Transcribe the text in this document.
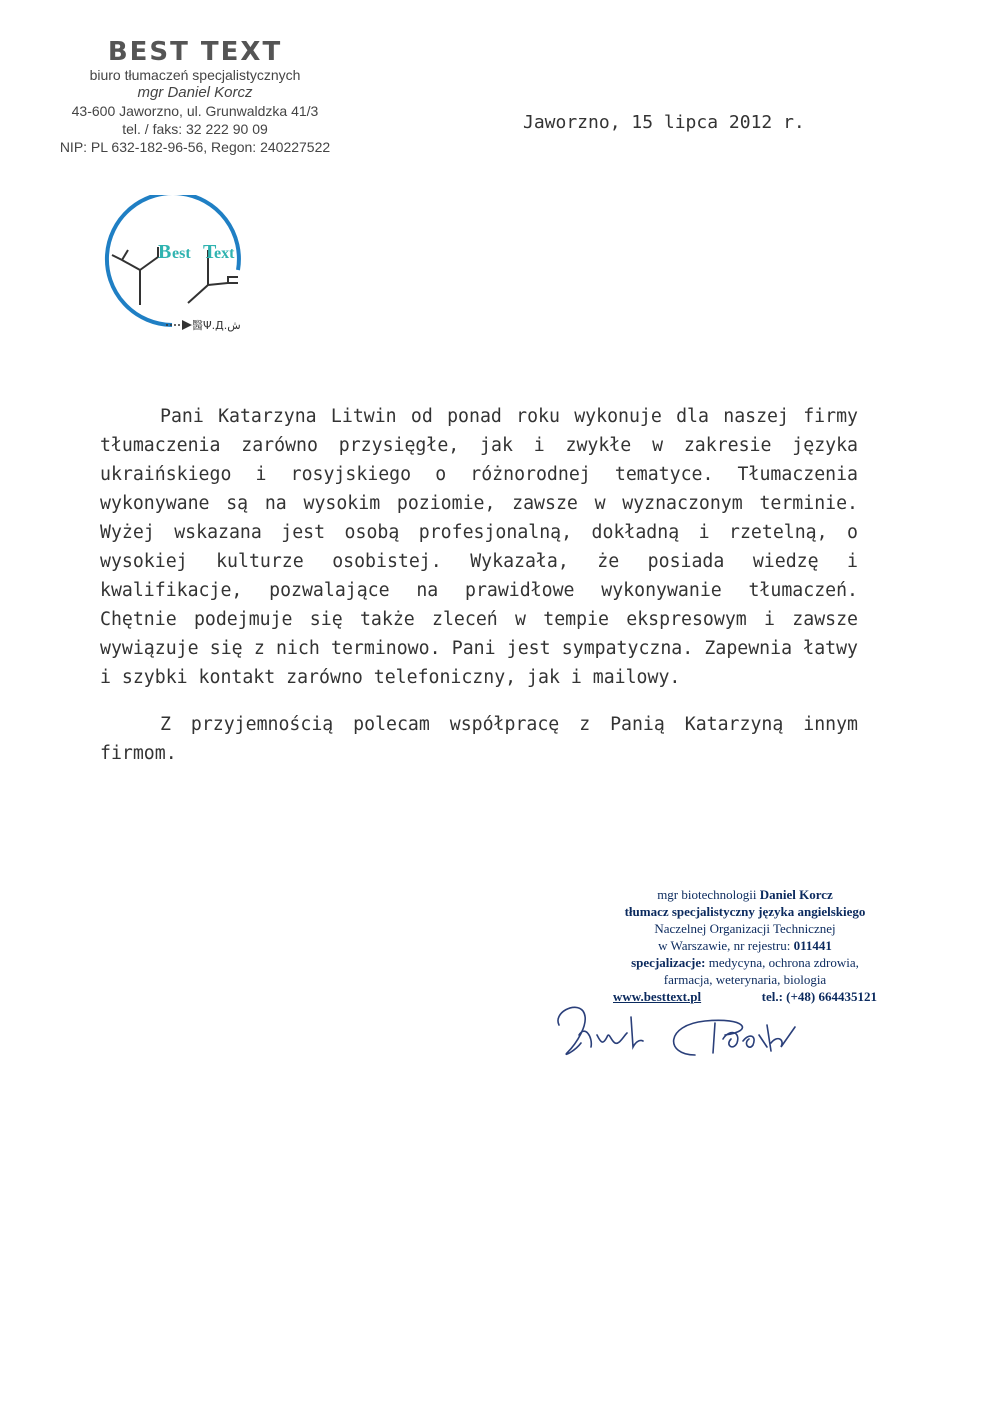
BEST TEXT
biuro tłumaczeń specjalistycznych
mgr Daniel Korcz
43-600 Jaworzno, ul. Grunwaldzka 41/3
tel. / faks: 32 222 90 09
NIP: PL 632-182-96-56, Regon: 240227522
Jaworzno, 15 lipca 2012 r.
B est T
ext
醫Ψ.Д.ش

Pani Katarzyna Litwin od ponad roku wykonuje dla naszej firmy tłumaczenia zarówno przysięgłe, jak i zwykłe w zakresie języka ukraińskiego i rosyjskiego o różnorodnej tematyce. Tłumaczenia wykonywane są na wysokim poziomie, zawsze w wyznaczonym terminie. Wyżej wskazana jest osobą profesjonalną, dokładną i rzetelną, o wysokiej kulturze osobistej. Wykazała, że posiada wiedzę i kwalifikacje, pozwalające na prawidłowe wykonywanie tłumaczeń. Chętnie podejmuje się także zleceń w tempie ekspresowym i zawsze wywiązuje się z nich terminowo. Pani jest sympatyczna. Zapewnia łatwy i szybki kontakt zarówno telefoniczny, jak i mailowy.

Z przyjemnością polecam współpracę z Panią Katarzyną innym firmom.

mgr biotechnologii Daniel Korcz
tłumacz specjalistyczny języka angielskiego
Naczelnej Organizacji Technicznej
w Warszawie, nr rejestru: 011441
specjalizacje: medycyna, ochrona zdrowia,
farmacja, weterynaria, biologia
www.besttext.pl	tel.: (+48) 664435121
